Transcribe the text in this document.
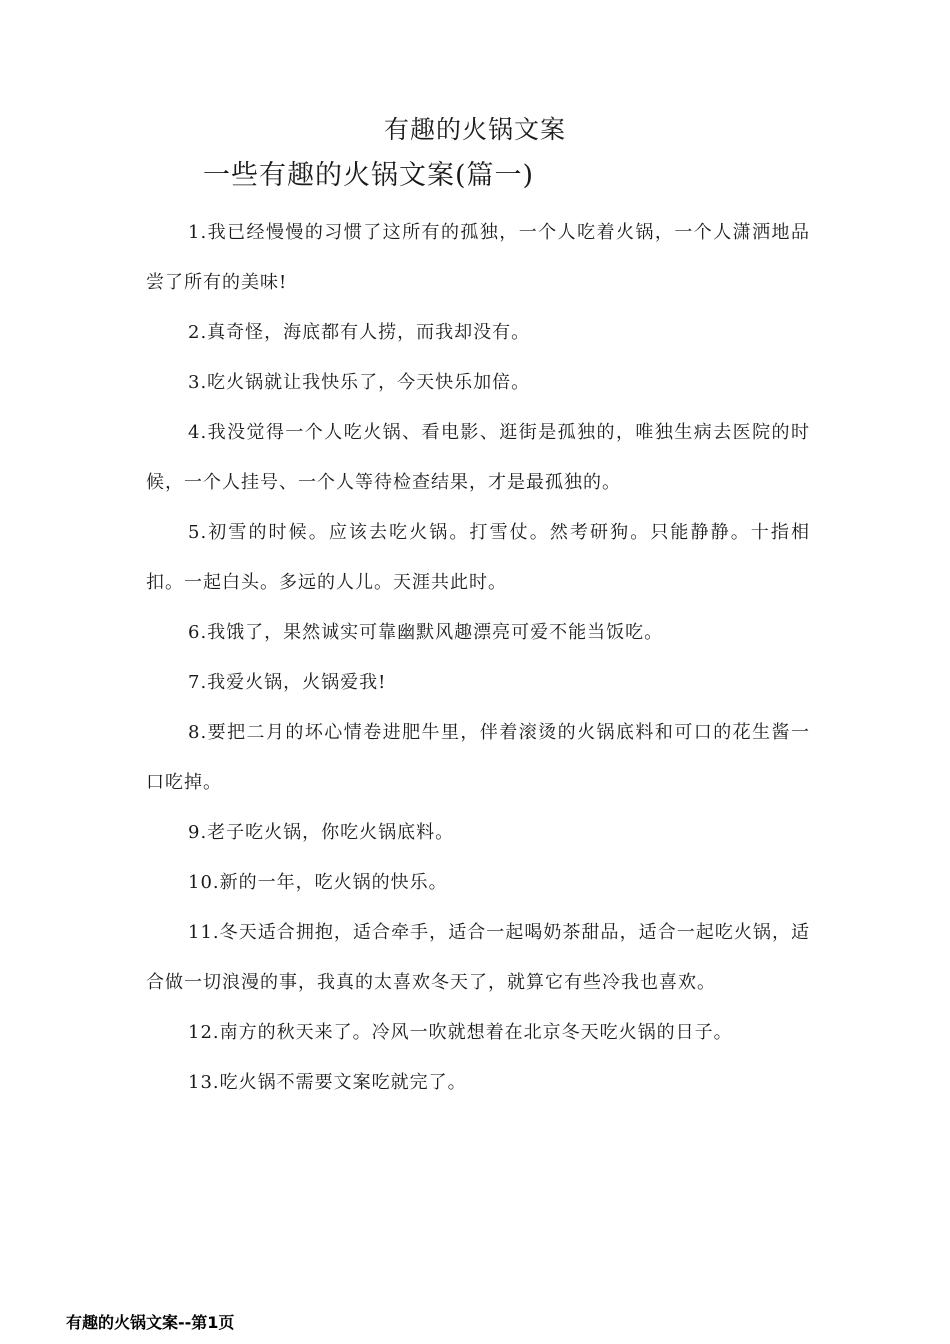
有趣的火锅文案
一些有趣的火锅文案(篇一)

1.我已经慢慢的习惯了这所有的孤独，一个人吃着火锅，一个人潇洒地品尝了所有的美味!

2.真奇怪，海底都有人捞，而我却没有。

3.吃火锅就让我快乐了，今天快乐加倍。

4.我没觉得一个人吃火锅、看电影、逛街是孤独的，唯独生病去医院的时候，一个人挂号、一个人等待检查结果，才是最孤独的。

5.初雪的时候。应该去吃火锅。打雪仗。然考研狗。只能静静。十指相扣。一起白头。多远的人儿。天涯共此时。

6.我饿了，果然诚实可靠幽默风趣漂亮可爱不能当饭吃。

7.我爱火锅，火锅爱我!

8.要把二月的坏心情卷进肥牛里，伴着滚烫的火锅底料和可口的花生酱一口吃掉。

9.老子吃火锅，你吃火锅底料。

10.新的一年，吃火锅的快乐。

11.冬天适合拥抱，适合牵手，适合一起喝奶茶甜品，适合一起吃火锅，适合做一切浪漫的事，我真的太喜欢冬天了，就算它有些冷我也喜欢。

12.南方的秋天来了。冷风一吹就想着在北京冬天吃火锅的日子。

13.吃火锅不需要文案吃就完了。

有趣的火锅文案--第1页
